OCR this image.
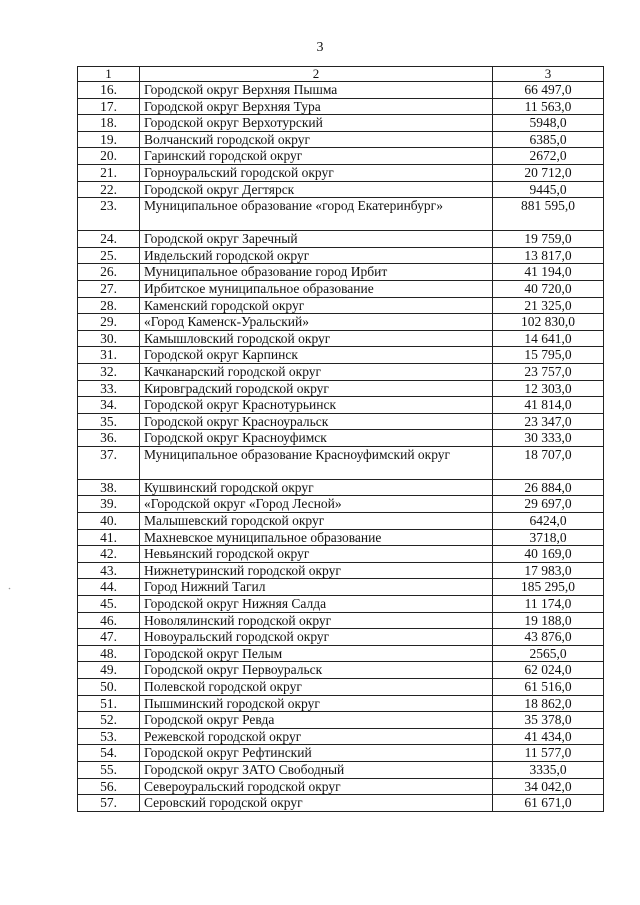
3
1	2	3
16.	Городской округ Верхняя Пышма	66 497,0
17.	Городской округ Верхняя Тура	11 563,0
18.	Городской округ Верхотурский	5948,0
19.	Волчанский городской округ	6385,0
20.	Гаринский городской округ	2672,0
21.	Горноуральский городской округ	20 712,0
22.	Городской округ Дегтярск	9445,0
23.	Муниципальное образование «город Екатеринбург»	881 595,0
24.	Городской округ Заречный	19 759,0
25.	Ивдельский городской округ	13 817,0
26.	Муниципальное образование город Ирбит	41 194,0
27.	Ирбитское муниципальное образование	40 720,0
28.	Каменский городской округ	21 325,0
29.	«Город Каменск-Уральский»	102 830,0
30.	Камышловский городской округ	14 641,0
31.	Городской округ Карпинск	15 795,0
32.	Качканарский городской округ	23 757,0
33.	Кировградский городской округ	12 303,0
34.	Городской округ Краснотурьинск	41 814,0
35.	Городской округ Красноуральск	23 347,0
36.	Городской округ Красноуфимск	30 333,0
37.	Муниципальное образование Красноуфимский округ	18 707,0
38.	Кушвинский городской округ	26 884,0
39.	«Городской округ «Город Лесной»	29 697,0
40.	Малышевский городской округ	6424,0
41.	Махневское муниципальное образование	3718,0
42.	Невьянский городской округ	40 169,0
43.	Нижнетуринский городской округ	17 983,0
44.	Город Нижний Тагил	185 295,0
45.	Городской округ Нижняя Салда	11 174,0
46.	Новолялинский городской округ	19 188,0
47.	Новоуральский городской округ	43 876,0
48.	Городской округ Пелым	2565,0
49.	Городской округ Первоуральск	62 024,0
50.	Полевской городской округ	61 516,0
51.	Пышминский городской округ	18 862,0
52.	Городской округ Ревда	35 378,0
53.	Режевской городской округ	41 434,0
54.	Городской округ Рефтинский	11 577,0
55.	Городской округ ЗАТО Свободный	3335,0
56.	Североуральский городской округ	34 042,0
57.	Серовский городской округ	61 671,0
